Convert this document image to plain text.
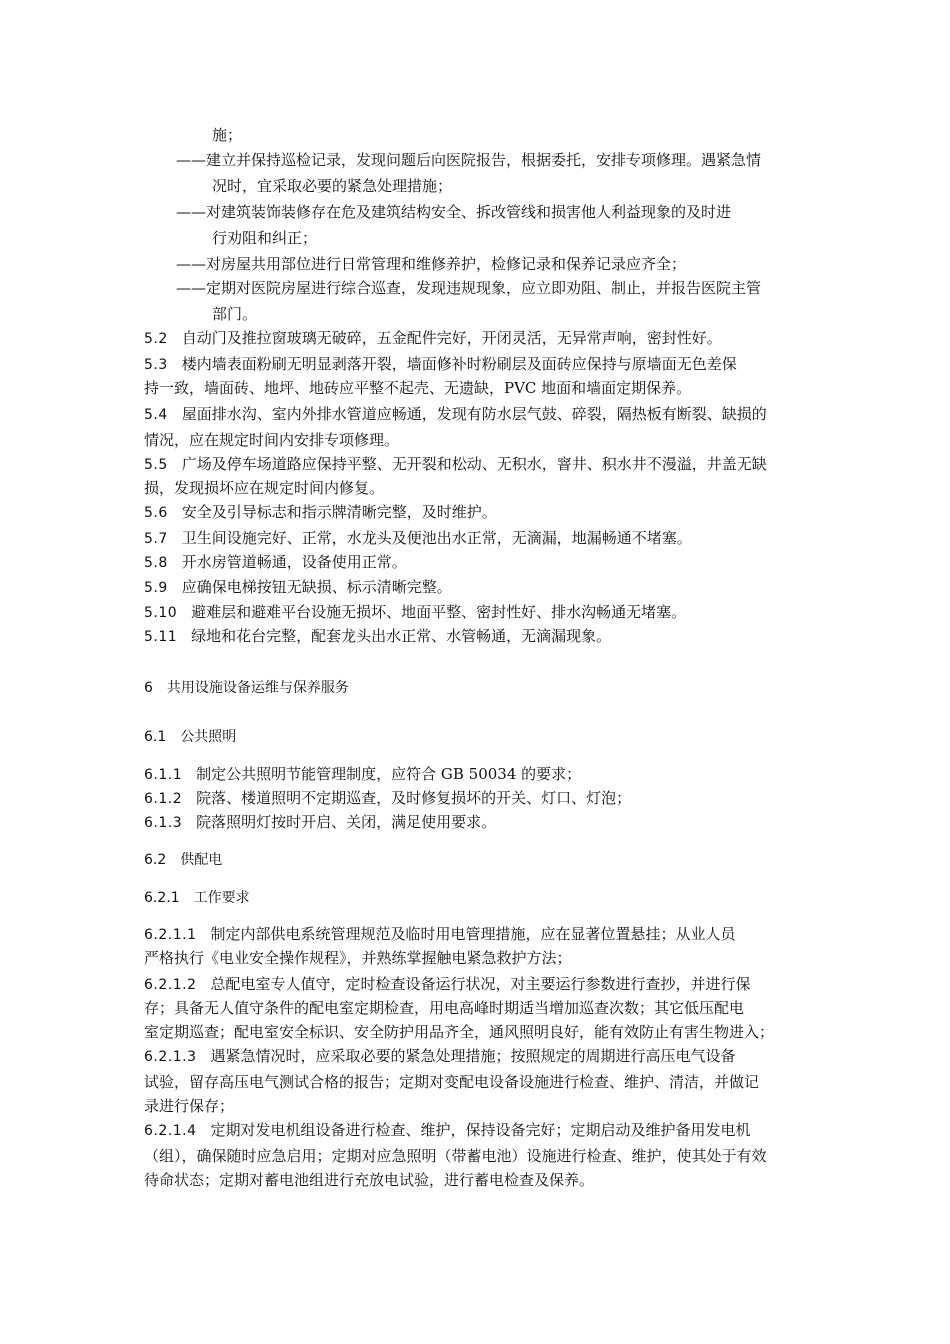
施；
——建立并保持巡检记录，发现问题后向医院报告，根据委托，安排专项修理。遇紧急情
况时，宜采取必要的紧急处理措施；
——对建筑装饰装修存在危及建筑结构安全、拆改管线和损害他人利益现象的及时进
行劝阻和纠正；
——对房屋共用部位进行日常管理和维修养护，检修记录和保养记录应齐全；
——定期对医院房屋进行综合巡查，发现违规现象，应立即劝阻、制止，并报告医院主管
部门。
5.2 自动门及推拉窗玻璃无破碎，五金配件完好，开闭灵活，无异常声响，密封性好。
5.3 楼内墙表面粉刷无明显剥落开裂，墙面修补时粉刷层及面砖应保持与原墙面无色差保
持一致，墙面砖、地坪、地砖应平整不起壳、无遗缺，PVC 地面和墙面定期保养。
5.4 屋面排水沟、室内外排水管道应畅通，发现有防水层气鼓、碎裂，隔热板有断裂、缺损的
情况，应在规定时间内安排专项修理。
5.5 广场及停车场道路应保持平整、无开裂和松动、无积水，窨井、积水井不漫溢，井盖无缺
损，发现损坏应在规定时间内修复。
5.6 安全及引导标志和指示牌清晰完整，及时维护。
5.7 卫生间设施完好、正常，水龙头及便池出水正常，无滴漏，地漏畅通不堵塞。
5.8 开水房管道畅通，设备使用正常。
5.9 应确保电梯按钮无缺损、标示清晰完整。
5.10 避难层和避难平台设施无损坏、地面平整、密封性好、排水沟畅通无堵塞。
5.11 绿地和花台完整，配套龙头出水正常、水管畅通，无滴漏现象。
6 共用设施设备运维与保养服务
6.1 公共照明
6.1.1 制定公共照明节能管理制度，应符合 GB 50034 的要求；
6.1.2 院落、楼道照明不定期巡查，及时修复损坏的开关、灯口、灯泡；
6.1.3 院落照明灯按时开启、关闭，满足使用要求。
6.2 供配电
6.2.1 工作要求
6.2.1.1 制定内部供电系统管理规范及临时用电管理措施，应在显著位置悬挂；从业人员
严格执行《电业安全操作规程》，并熟练掌握触电紧急救护方法；
6.2.1.2 总配电室专人值守，定时检查设备运行状况，对主要运行参数进行查抄，并进行保
存；具备无人值守条件的配电室定期检查，用电高峰时期适当增加巡查次数；其它低压配电
室定期巡查；配电室安全标识、安全防护用品齐全，通风照明良好，能有效防止有害生物进入；
6.2.1.3 遇紧急情况时，应采取必要的紧急处理措施；按照规定的周期进行高压电气设备
试验，留存高压电气测试合格的报告；定期对变配电设备设施进行检查、维护、清洁，并做记
录进行保存；
6.2.1.4 定期对发电机组设备进行检查、维护，保持设备完好；定期启动及维护备用发电机
（组），确保随时应急启用；定期对应急照明（带蓄电池）设施进行检查、维护，使其处于有效
待命状态；定期对蓄电池组进行充放电试验，进行蓄电检查及保养。
